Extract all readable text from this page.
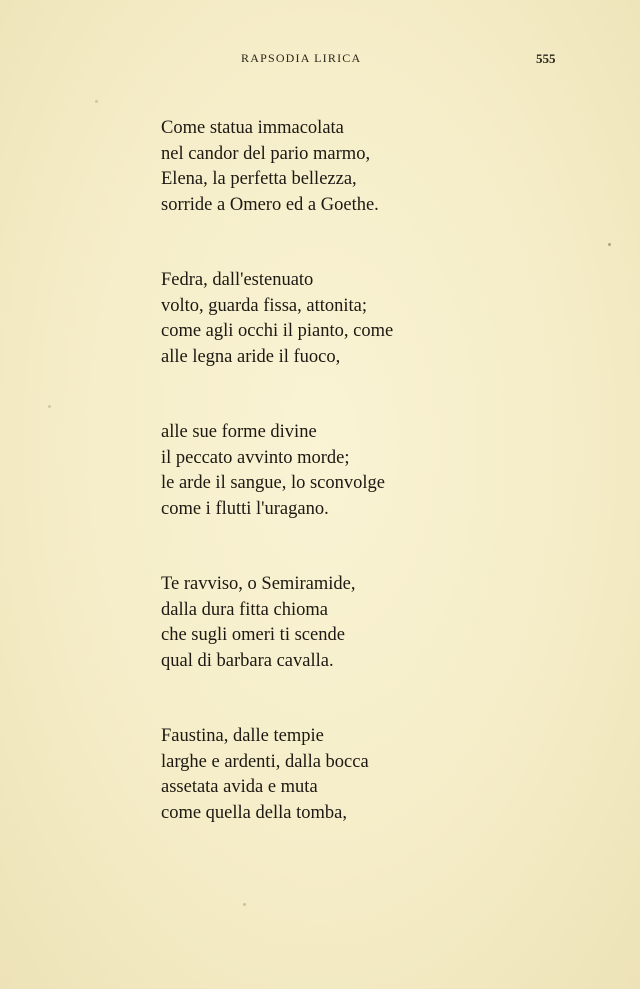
RAPSODIA LIRICA	555
Come statua immacolata
nel candor del pario marmo,
Elena, la perfetta bellezza,
sorride a Omero ed a Goethe.
Fedra, dall'estenuato
volto, guarda fissa, attonita;
come agli occhi il pianto, come
alle legna aride il fuoco,
alle sue forme divine
il peccato avvinto morde;
le arde il sangue, lo sconvolge
come i flutti l'uragano.
Te ravviso, o Semiramide,
dalla dura fitta chioma
che sugli omeri ti scende
qual di barbara cavalla.
Faustina, dalle tempie
larghe e ardenti, dalla bocca
assetata avida e muta
come quella della tomba,
